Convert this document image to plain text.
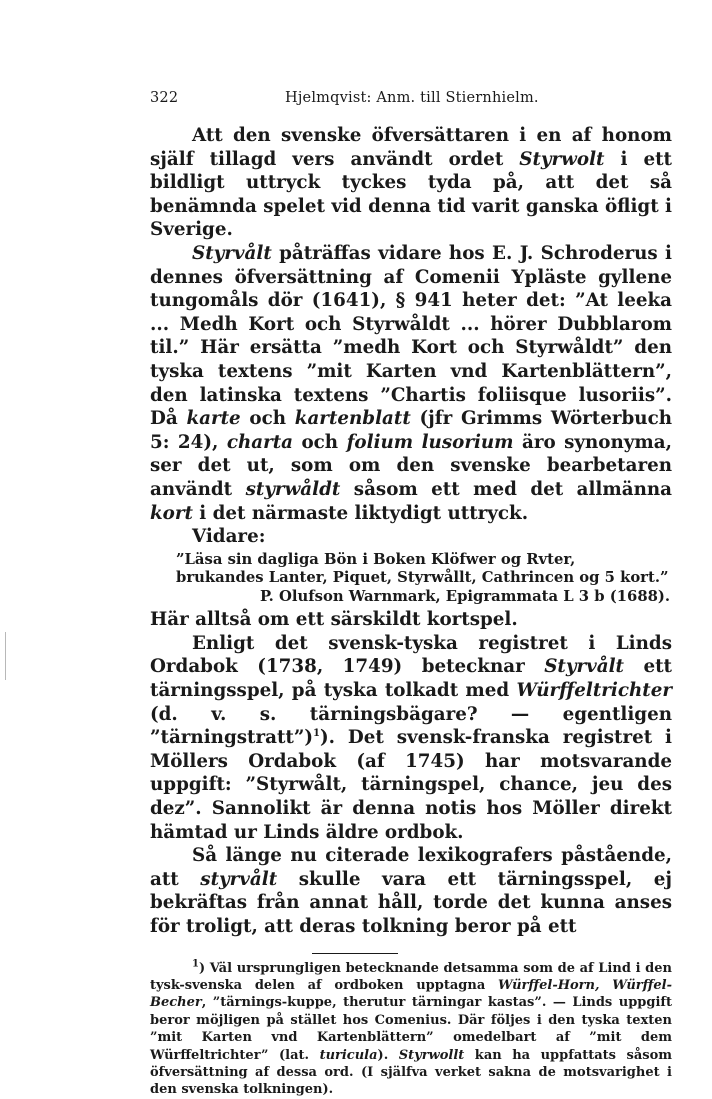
322	Hjelmqvist: Anm. till Stiernhielm.

Att den svenske öfversättaren i en af honom själf tillagd vers användt ordet Styrwolt i ett bildligt uttryck tyckes tyda på, att det så benämnda spelet vid denna tid varit ganska öfligt i Sverige.

Styrvålt påträffas vidare hos E. J. Schroderus i dennes öfversättning af Comenii Ypläste gyllene tungomåls dör (1641), § 941 heter det: ”At leeka ... Medh Kort och Styrwåldt ... hörer Dubblarom til.” Här ersätta ”medh Kort och Styrwåldt” den tyska textens ”mit Karten vnd Kartenblättern”, den latinska textens ”Chartis foliisque lusoriis”. Då karte och kartenblatt (jfr Grimms Wörterbuch 5: 24), charta och folium lusorium äro synonyma, ser det ut, som om den svenske bearbetaren användt styrwåldt såsom ett med det allmänna kort i det närmaste liktydigt uttryck.

Vidare:

”Läsa sin dagliga Bön i Boken Klöfwer og Rvter,
brukandes Lanter, Piquet, Styrwållt, Cathrincen og 5 kort.”
P. Olufson Warnmark, Epigrammata L 3 b (1688).

Här alltså om ett särskildt kortspel.

Enligt det svensk-tyska registret i Linds Ordabok (1738, 1749) betecknar Styrvålt ett tärningsspel, på tyska tolkadt med Würffeltrichter (d. v. s. tärningsbägare? — egentligen ”tärningstratt”)$^1$). Det svensk-franska registret i Möllers Ordabok (af 1745) har motsvarande uppgift: ”Styrwålt, tärningspel, chance, jeu des dez”. Sannolikt är denna notis hos Möller direkt hämtad ur Linds äldre ordbok.

Så länge nu citerade lexikografers påstående, att styrvålt skulle vara ett tärningsspel, ej bekräftas från annat håll, torde det kunna anses för troligt, att deras tolkning beror på ett

$^1$) Väl ursprungligen betecknande detsamma som de af Lind i den tysk-svenska delen af ordboken upptagna Würffel-Horn, Würffel-Becher, ”tärnings-kuppe, therutur tärningar kastas”. — Linds uppgift beror möjligen på stället hos Comenius. Där följes i den tyska texten ”mit Karten vnd Kartenblättern” omedelbart af ”mit dem Würffeltrichter” (lat. turicula). Styrwollt kan ha uppfattats såsom öfversättning af dessa ord. (I själfva verket sakna de motsvarighet i den svenska tolkningen).
